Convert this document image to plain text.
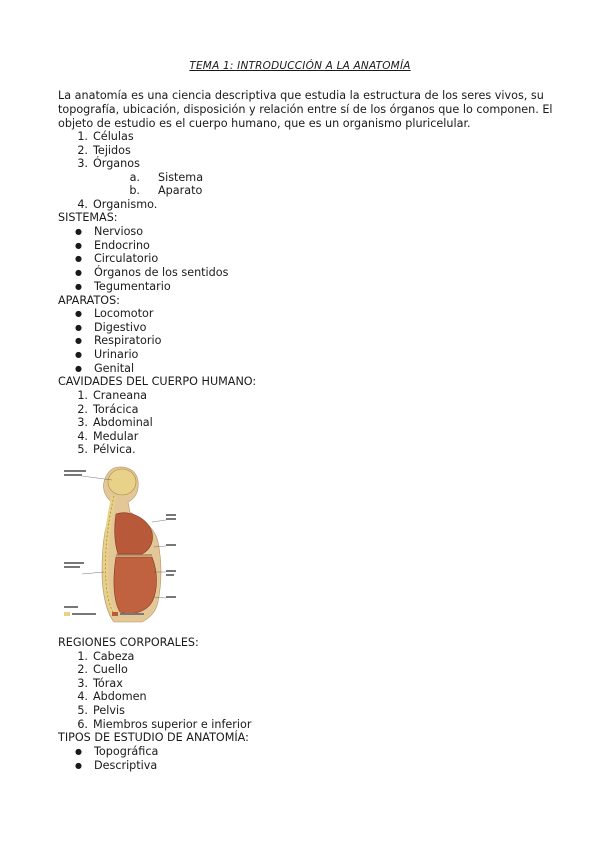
TEMA 1: INTRODUCCIÓN A LA ANATOMÍA
La anatomía es una ciencia descriptiva que estudia la estructura de los seres vivos, su topografía, ubicación, disposición y relación entre sí de los órganos que lo componen. El objeto de estudio es el cuerpo humano, que es un organismo pluricelular.
1. Células
2. Tejidos
3. Órganos
a. Sistema
b. Aparato
4. Organismo.
SISTEMAS:
● Nervioso
● Endocrino
● Circulatorio
● Órganos de los sentidos
● Tegumentario
APARATOS:
● Locomotor
● Digestivo
● Respiratorio
● Urinario
● Genital
CAVIDADES DEL CUERPO HUMANO:
1. Craneana
2. Torácica
3. Abdominal
4. Medular
5. Pélvica.
REGIONES CORPORALES:
1. Cabeza
2. Cuello
3. Tórax
4. Abdomen
5. Pelvis
6. Miembros superior e inferior
TIPOS DE ESTUDIO DE ANATOMÍA:
● Topográfica
● Descriptiva
